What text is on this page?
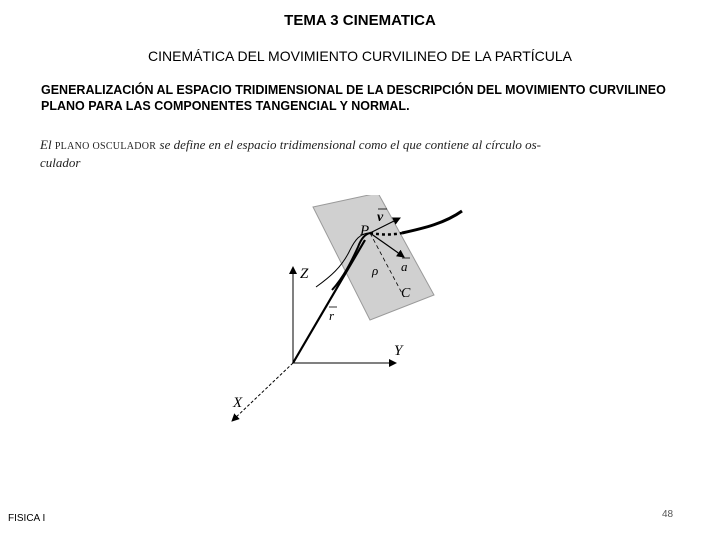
TEMA 3 CINEMATICA
CINEMÁTICA DEL MOVIMIENTO CURVILINEO DE LA PARTÍCULA
GENERALIZACIÓN AL ESPACIO TRIDIMENSIONAL DE LA DESCRIPCIÓN DEL MOVIMIENTO CURVILINEO
PLANO PARA LAS COMPONENTES TANGENCIAL Y NORMAL.
El PLANO OSCULADOR se define en el espacio tridimensional como el que contiene al círculo os-
culador
P
v
a
ρ
C
r
Z
Y
X
FISICA I	48
